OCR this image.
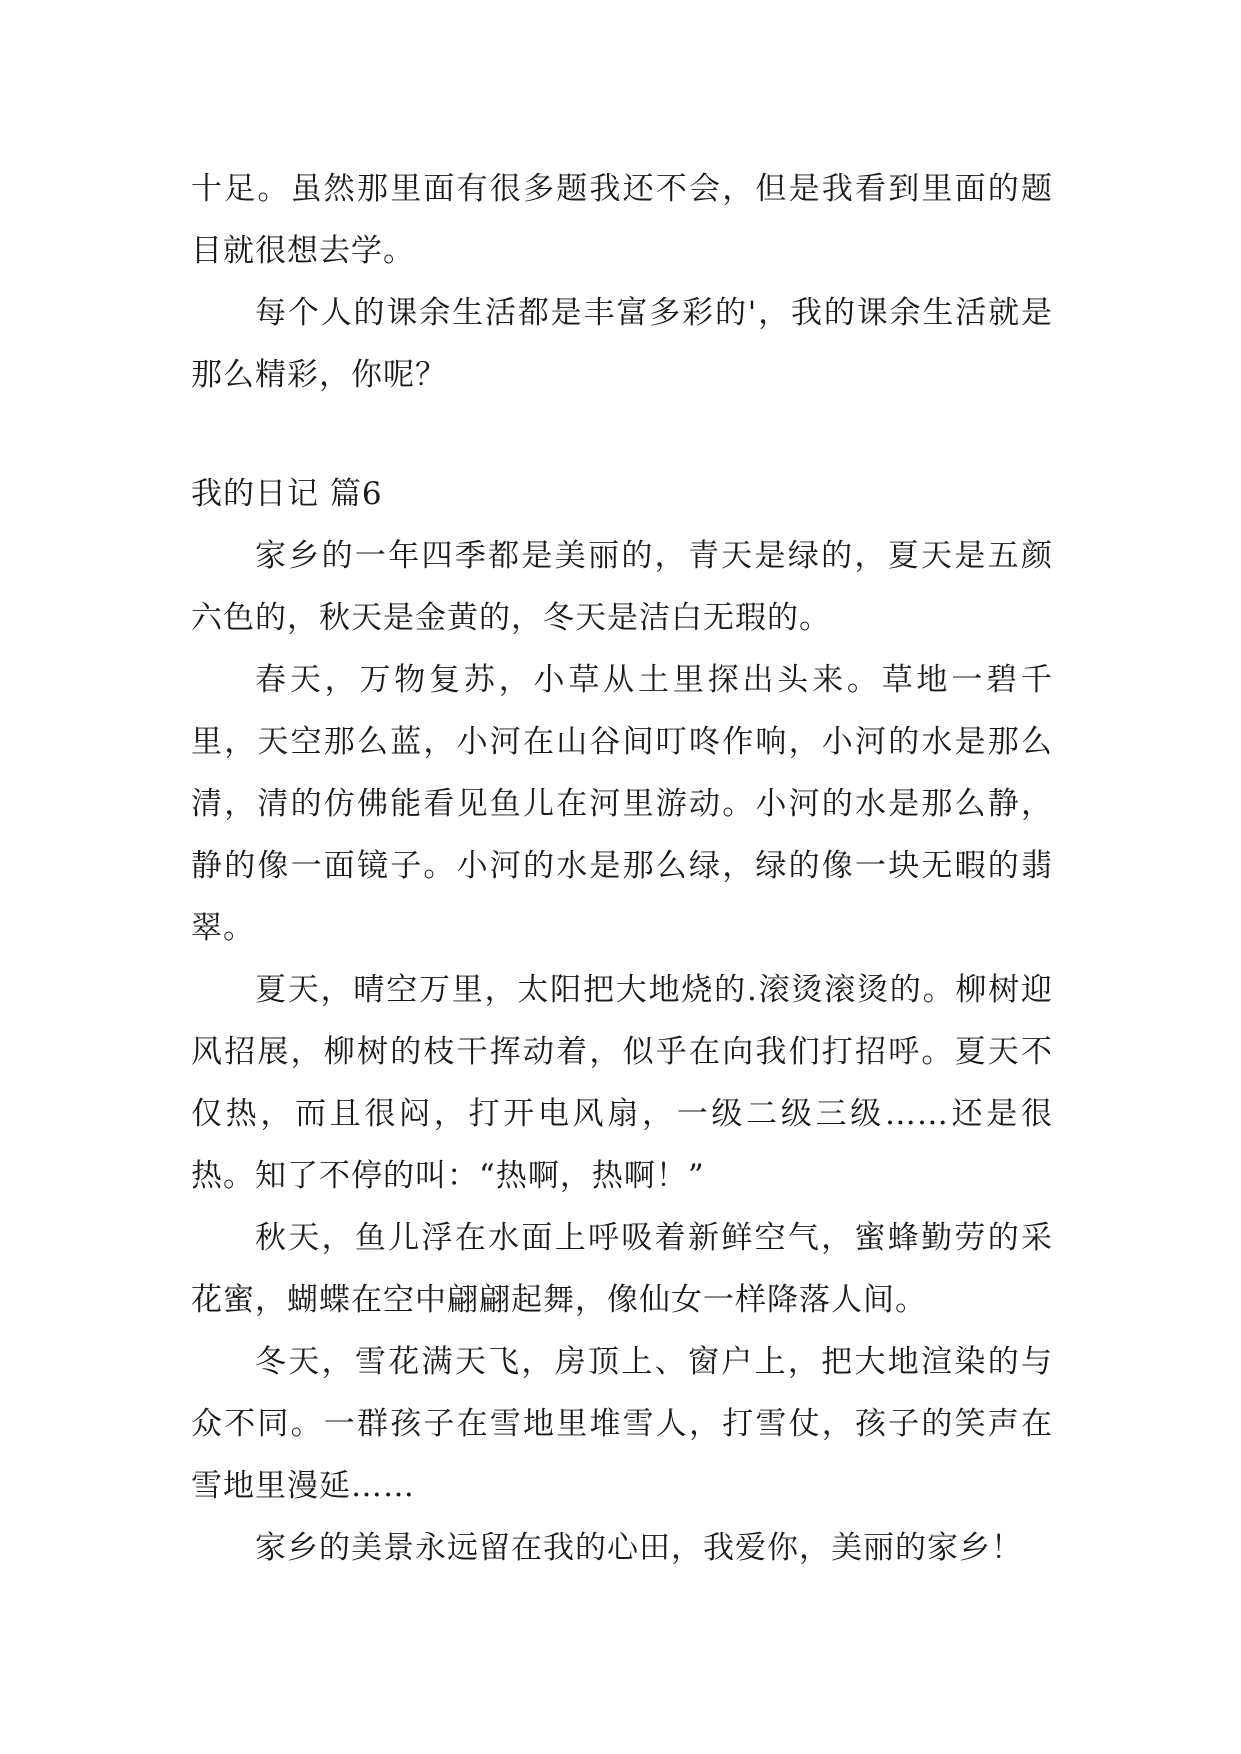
十足。虽然那里面有很多题我还不会，但是我看到里面的题目就很想去学。

每个人的课余生活都是丰富多彩的'，我的课余生活就是那么精彩，你呢？

我的日记 篇6

家乡的一年四季都是美丽的，青天是绿的，夏天是五颜六色的，秋天是金黄的，冬天是洁白无瑕的。

春天，万物复苏，小草从土里探出头来。草地一碧千里，天空那么蓝，小河在山谷间叮咚作响，小河的水是那么清，清的仿佛能看见鱼儿在河里游动。小河的水是那么静，静的像一面镜子。小河的水是那么绿，绿的像一块无暇的翡翠。

夏天，晴空万里，太阳把大地烧的.滚烫滚烫的。柳树迎风招展，柳树的枝干挥动着，似乎在向我们打招呼。夏天不仅热，而且很闷，打开电风扇，一级二级三级……还是很热。知了不停的叫：“热啊，热啊！”

秋天，鱼儿浮在水面上呼吸着新鲜空气，蜜蜂勤劳的采花蜜，蝴蝶在空中翩翩起舞，像仙女一样降落人间。

冬天，雪花满天飞，房顶上、窗户上，把大地渲染的与众不同。一群孩子在雪地里堆雪人，打雪仗，孩子的笑声在雪地里漫延……

家乡的美景永远留在我的心田，我爱你，美丽的家乡！
